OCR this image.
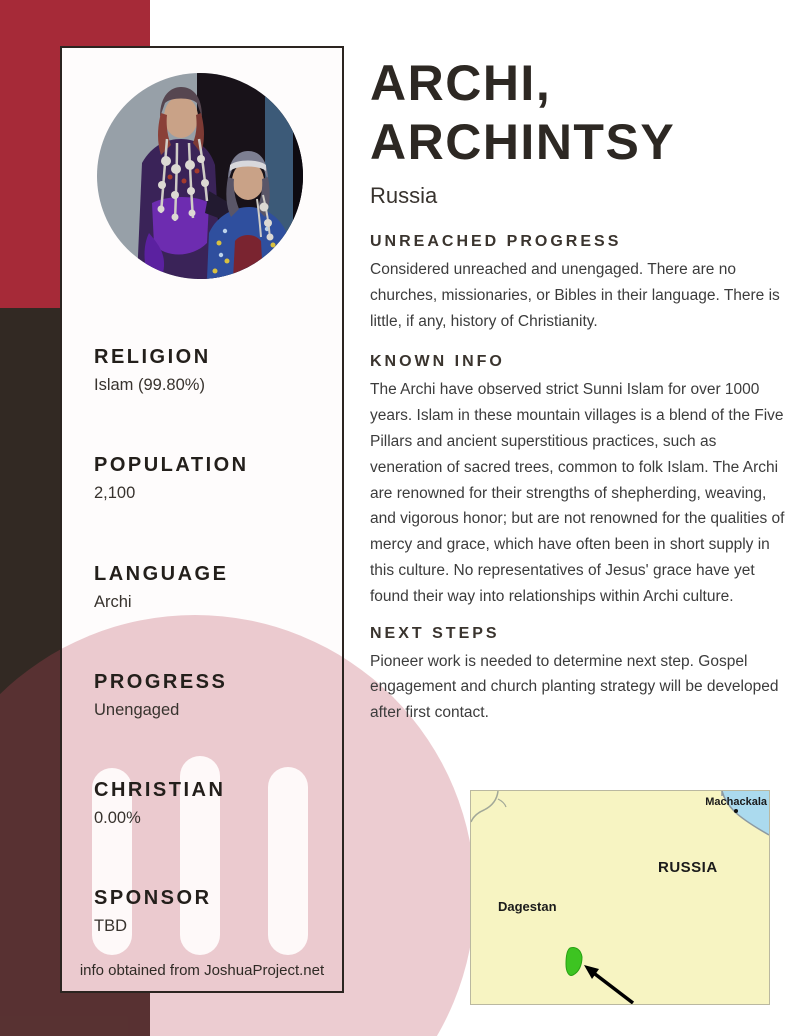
RELIGION
Islam (99.80%)
POPULATION
2,100
LANGUAGE
Archi
PROGRESS
Unengaged
CHRISTIAN
0.00%
SPONSOR
TBD
info obtained from JoshuaProject.net
ARCHI, ARCHINTSY
Russia
UNREACHED PROGRESS
Considered unreached and unengaged. There are no churches, missionaries, or Bibles in their language. There is little, if any, history of Christianity.
KNOWN INFO
The Archi have observed strict Sunni Islam for over 1000 years. Islam in these mountain villages is a blend of the Five Pillars and ancient superstitious practices, such as veneration of sacred trees, common to folk Islam. The Archi are renowned for their strengths of shepherding, weaving, and vigorous honor; but are not renowned for the qualities of mercy and grace, which have often been in short supply in this culture. No representatives of Jesus' grace have yet found their way into relationships within Archi culture.
NEXT STEPS
Pioneer work is needed to determine next step. Gospel engagement and church planting strategy will be developed after first contact.
Machackala
RUSSIA
Dagestan
